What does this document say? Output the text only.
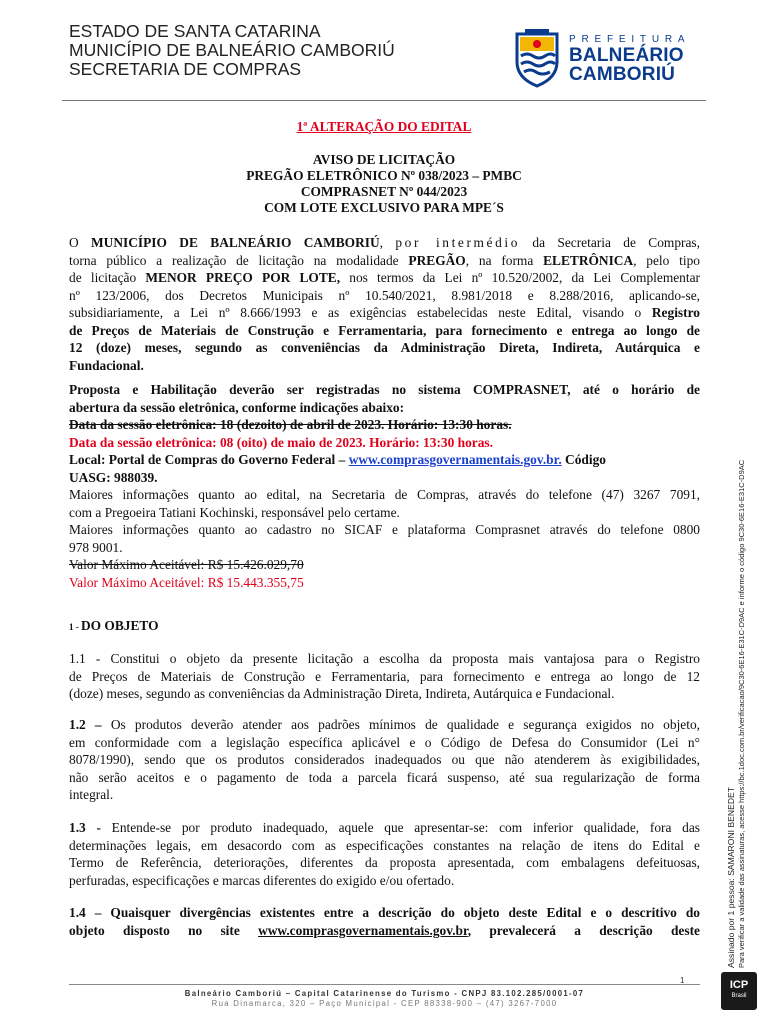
ESTADO DE SANTA CATARINA
MUNICÍPIO DE BALNEÁRIO CAMBORIÚ
SECRETARIA DE COMPRAS
PREFEITURA
BALNEÁRIO
CAMBORIÚ
1ª ALTERAÇÃO DO EDITAL
AVISO DE LICITAÇÃO
PREGÃO ELETRÔNICO Nº 038/2023 – PMBC
COMPRASNET Nº 044/2023
COM LOTE EXCLUSIVO PARA MPE´S
O MUNICÍPIO DE BALNEÁRIO CAMBORIÚ, por intermédio da Secretaria de Compras,
torna público a realização de licitação na modalidade PREGÃO, na forma ELETRÔNICA, pelo tipo
de licitação MENOR PREÇO POR LOTE, nos termos da Lei nº 10.520/2002, da Lei Complementar
nº 123/2006, dos Decretos Municipais nº 10.540/2021, 8.981/2018 e 8.288/2016, aplicando-se,
subsidiariamente, a Lei nº 8.666/1993 e as exigências estabelecidas neste Edital, visando o Registro
de Preços de Materiais de Construção e Ferramentaria, para fornecimento e entrega ao longo de
12 (doze) meses, segundo as conveniências da Administração Direta, Indireta, Autárquica e
Fundacional.
Proposta e Habilitação deverão ser registradas no sistema COMPRASNET, até o horário de
abertura da sessão eletrônica, conforme indicações abaixo:
Data da sessão eletrônica: 18 (dezoito) de abril de 2023. Horário: 13:30 horas.
Data da sessão eletrônica: 08 (oito) de maio de 2023. Horário: 13:30 horas.
Local: Portal de Compras do Governo Federal – www.comprasgovernamentais.gov.br. Código
UASG: 988039.
Maiores informações quanto ao edital, na Secretaria de Compras, através do telefone (47) 3267 7091,
com a Pregoeira Tatiani Kochinski, responsável pelo certame.
Maiores informações quanto ao cadastro no SICAF e plataforma Comprasnet através do telefone 0800
978 9001.
Valor Máximo Aceitável: R$ 15.426.029,70
Valor Máximo Aceitável: R$ 15.443.355,75
1 - DO OBJETO
1.1 - Constitui o objeto da presente licitação a escolha da proposta mais vantajosa para o Registro
de Preços de Materiais de Construção e Ferramentaria, para fornecimento e entrega ao longo de 12
(doze) meses, segundo as conveniências da Administração Direta, Indireta, Autárquica e Fundacional.
1.2 – Os produtos deverão atender aos padrões mínimos de qualidade e segurança exigidos no objeto,
em conformidade com a legislação específica aplicável e o Código de Defesa do Consumidor (Lei n°
8078/1990), sendo que os produtos considerados inadequados ou que não atenderem às exigibilidades,
não serão aceitos e o pagamento de toda a parcela ficará suspenso, até sua regularização de forma
integral.
1.3 - Entende-se por produto inadequado, aquele que apresentar-se: com inferior qualidade, fora das
determinações legais, em desacordo com as especificações constantes na relação de itens do Edital e
Termo de Referência, deteriorações, diferentes da proposta apresentada, com embalagens defeituosas,
perfuradas, especificações e marcas diferentes do exigido e/ou ofertado.
1.4 – Quaisquer divergências existentes entre a descrição do objeto deste Edital e o descritivo do
objeto disposto no site www.comprasgovernamentais.gov.br, prevalecerá a descrição deste	Assinado por 1 pessoa: SAMARONI BENEDET Para verificar a validade das assinaturas, acesse https://bc.1doc.com.br/verificacao/9C30-6E16-E31C-D9AC e informe o código 9C30-6E16-E31C-D9AC
1
Balneário Camboriú – Capital Catarinense do Turismo - CNPJ 83.102.285/0001-07
Rua Dinamarca, 320 – Paço Municipal - CEP 88338-900 – (47) 3267-7000
ICP
Brasil
